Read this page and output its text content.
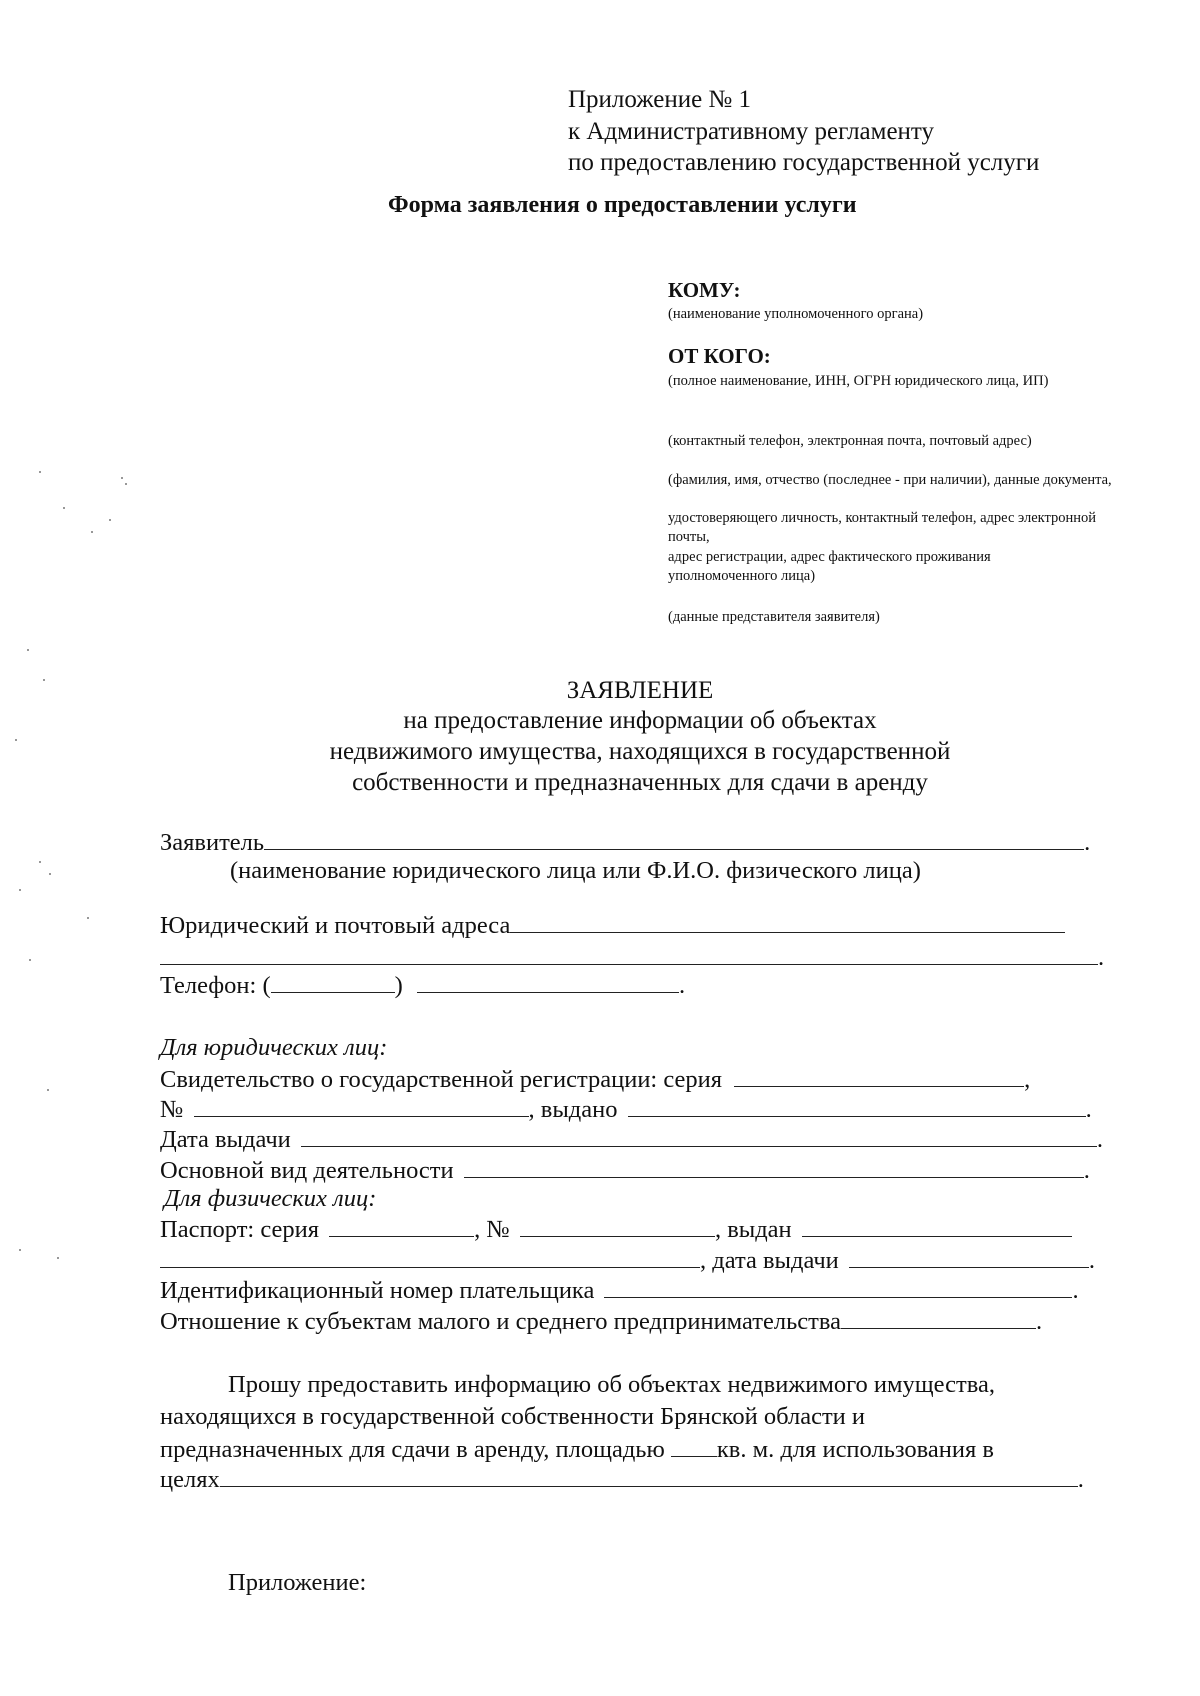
Приложение № 1
к Административному регламенту
по предоставлению государственной услуги
Форма заявления о предоставлении услуги
КОМУ:
(наименование уполномоченного органа)
ОТ КОГО:
(полное наименование, ИНН, ОГРН юридического лица, ИП)
(контактный телефон, электронная почта, почтовый адрес)
(фамилия, имя, отчество (последнее - при наличии), данные документа,
удостоверяющего личность, контактный телефон, адрес электронной почты,
адрес регистрации, адрес фактического проживания уполномоченного лица)
(данные представителя заявителя)
ЗАЯВЛЕНИЕ
на предоставление информации об объектах
недвижимого имущества, находящихся в государственной
собственности и предназначенных для сдачи в аренду
Заявитель	.
(наименование юридического лица или Ф.И.О. физического лица)
Юридический и почтовый адреса
.
Телефон: (	)	.
Для юридических лиц:
Свидетельство о государственной регистрации: серия	,
№	, выдано	.
Дата выдачи	.
Основной вид деятельности	.
Для физических лиц:
Паспорт: серия	, №	, выдан
, дата выдачи	.
Идентификационный номер плательщика	.
Отношение к субъектам малого и среднего предпринимательства	.
Прошу предоставить информацию об объектах недвижимого имущества,
находящихся в государственной собственности Брянской области и
предназначенных для сдачи в аренду, площадью кв. м. для использования в
целях	.
Приложение:
